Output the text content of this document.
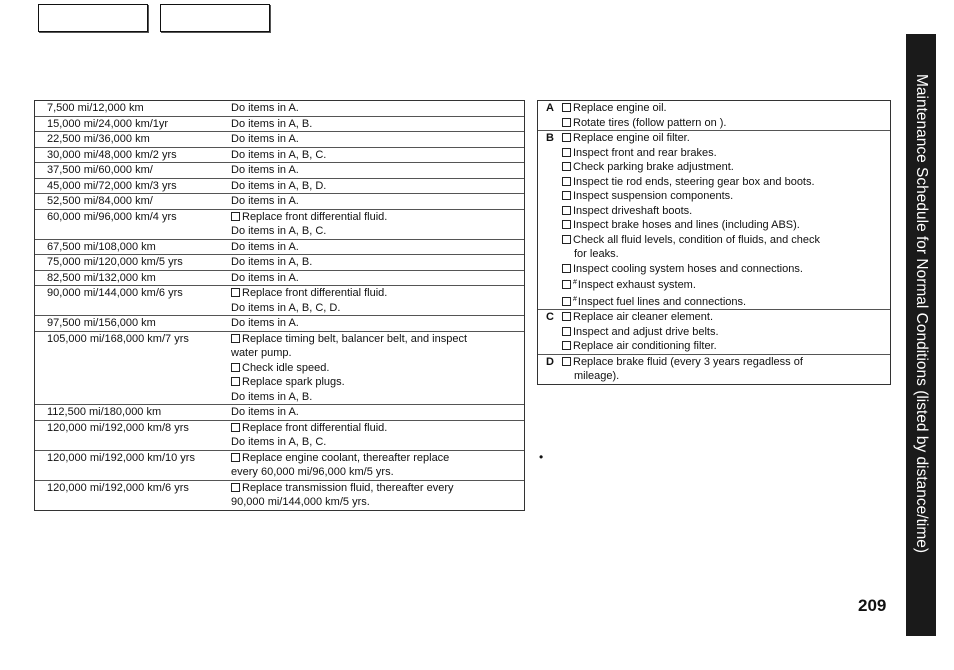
7,500 mi/12,000 km	Do items in A.
15,000 mi/24,000 km/1yr	Do items in A, B.
22,500 mi/36,000 km	Do items in A.
30,000 mi/48,000 km/2 yrs	Do items in A, B, C.
37,500 mi/60,000 km/	Do items in A.
45,000 mi/72,000 km/3 yrs	Do items in A, B, D.
52,500 mi/84,000 km/	Do items in A.
60,000 mi/96,000 km/4 yrs	Replace front differential fluid.
Do items in A, B, C.
67,500 mi/108,000 km	Do items in A.
75,000 mi/120,000 km/5 yrs	Do items in A, B.
82,500 mi/132,000 km	Do items in A.
90,000 mi/144,000 km/6 yrs	Replace front differential fluid.
Do items in A, B, C, D.
97,500 mi/156,000 km	Do items in A.
105,000 mi/168,000 km/7 yrs	Replace timing belt, balancer belt, and inspect
water pump.
Check idle speed.
Replace spark plugs.
Do items in A, B.
112,500 mi/180,000 km	Do items in A.
120,000 mi/192,000 km/8 yrs	Replace front differential fluid.
Do items in A, B, C.
120,000 mi/192,000 km/10 yrs	Replace engine coolant, thereafter replace
every 60,000 mi/96,000 km/5 yrs.
120,000 mi/192,000 km/6 yrs	Replace transmission fluid, thereafter every
90,000 mi/144,000 km/5 yrs.
A	Replace engine oil.
Rotate tires (follow pattern on ).
B	Replace engine oil filter.
Inspect front and rear brakes.
Check parking brake adjustment.
Inspect tie rod ends, steering gear box and boots.
Inspect suspension components.
Inspect driveshaft boots.
Inspect brake hoses and lines (including ABS).
Check all fluid levels, condition of fluids, and check
for leaks.
Inspect cooling system hoses and connections.
#Inspect exhaust system.
#Inspect fuel lines and connections.
C	Replace air cleaner element.
Inspect and adjust drive belts.
Replace air conditioning filter.
D	Replace brake fluid (every 3 years regadless of
mileage).
•
209
Maintenance Schedule for Normal Conditions (listed by distance/time)
